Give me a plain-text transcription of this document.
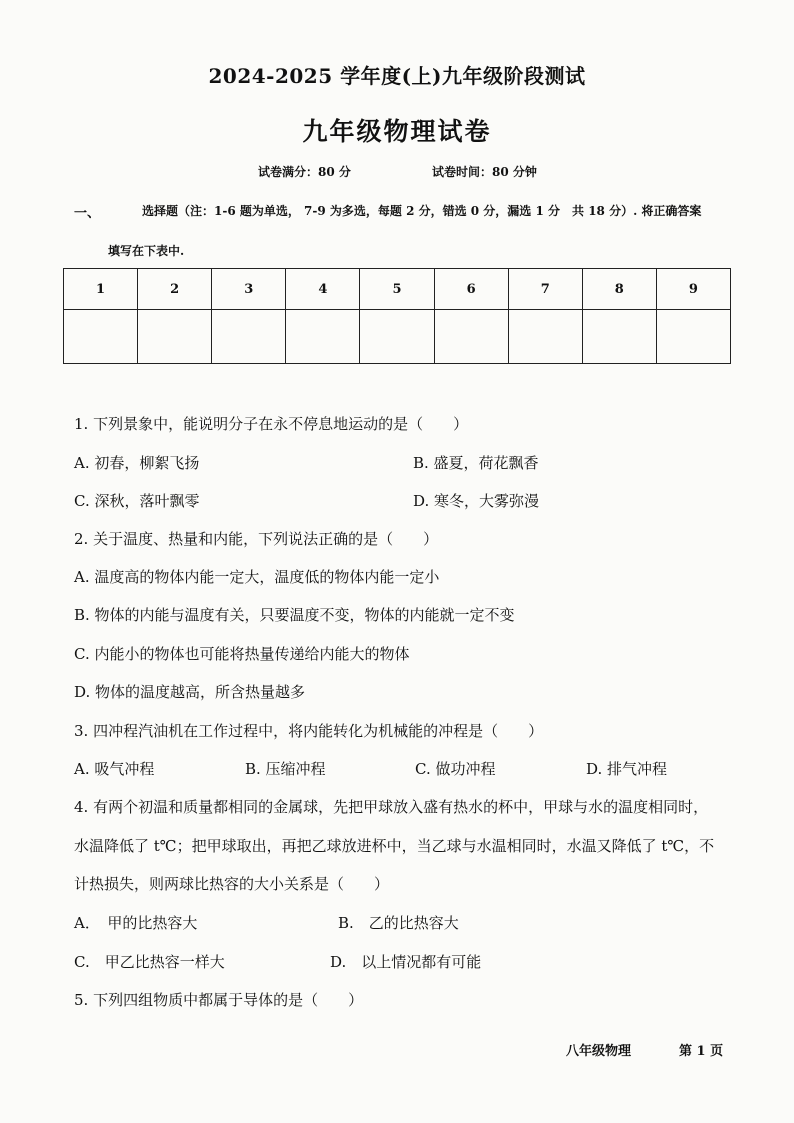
2024-2025 学年度(上)九年级阶段测试
九年级物理试卷
试卷满分：80 分	试卷时间：80 分钟
一、	选择题（注：1-6 题为单选， 7-9 为多选，每题 2 分，错选 0 分，漏选 1 分　共 18 分）. 将正确答案
填写在下表中.
1	2	3	4	5	6	7	8	9

1. 下列景象中，能说明分子在永不停息地运动的是（　　）
A. 初春，柳絮飞扬	B. 盛夏，荷花飘香
C. 深秋，落叶飘零	D. 寒冬，大雾弥漫
2. 关于温度、热量和内能，下列说法正确的是（　　）
A. 温度高的物体内能一定大，温度低的物体内能一定小
B. 物体的内能与温度有关，只要温度不变，物体的内能就一定不变
C. 内能小的物体也可能将热量传递给内能大的物体
D. 物体的温度越高，所含热量越多
3. 四冲程汽油机在工作过程中，将内能转化为机械能的冲程是（　　）
A. 吸气冲程	B. 压缩冲程	C. 做功冲程	D. 排气冲程
4. 有两个初温和质量都相同的金属球，先把甲球放入盛有热水的杯中，甲球与水的温度相同时，
水温降低了 t℃；把甲球取出，再把乙球放进杯中，当乙球与水温相同时，水温又降低了 t℃，不
计热损失，则两球比热容的大小关系是（　　）
A．　甲的比热容大	B.　乙的比热容大
C.　甲乙比热容一样大	D.　以上情况都有可能
5. 下列四组物质中都属于导体的是（　　）
八年级物理	第 1 页
